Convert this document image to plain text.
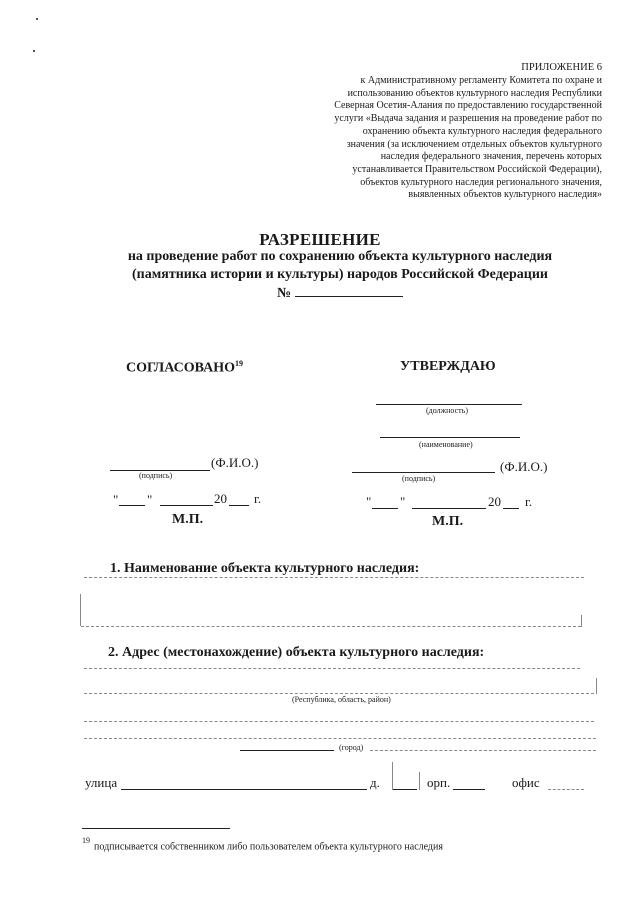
ПРИЛОЖЕНИЕ 6
к Административному регламенту Комитета по охране и
использованию объектов культурного наследия Республики
Северная Осетия-Алания по предоставлению государственной
услуги «Выдача задания и разрешения на проведение работ по
охранению объекта культурного наследия федерального
значения (за исключением отдельных объектов культурного
наследия федерального значения, перечень которых
устанавливается Правительством Российской Федерации),
объектов культурного наследия регионального значения,
выявленных объектов культурного наследия»
РАЗРЕШЕНИЕ
на проведение работ по сохранению объекта культурного наследия
(памятника истории и культуры) народов Российской Федерации
№
СОГЛАСОВАНО$^{19}$
(Ф.И.О.)
(подпись)
" "	20 г.
М.П.
УТВЕРЖДАЮ
(должность)
(наименование)
(Ф.И.О.)
(подпись)
" "	20 г.
М.П.
1. Наименование объекта культурного наследия:
2. Адрес (местонахождение) объекта культурного наследия:
(Республика, область, район)
(город)
улица	д.	орп.	офис
$^{19}$ подписывается собственником либо пользователем объекта культурного наследия
